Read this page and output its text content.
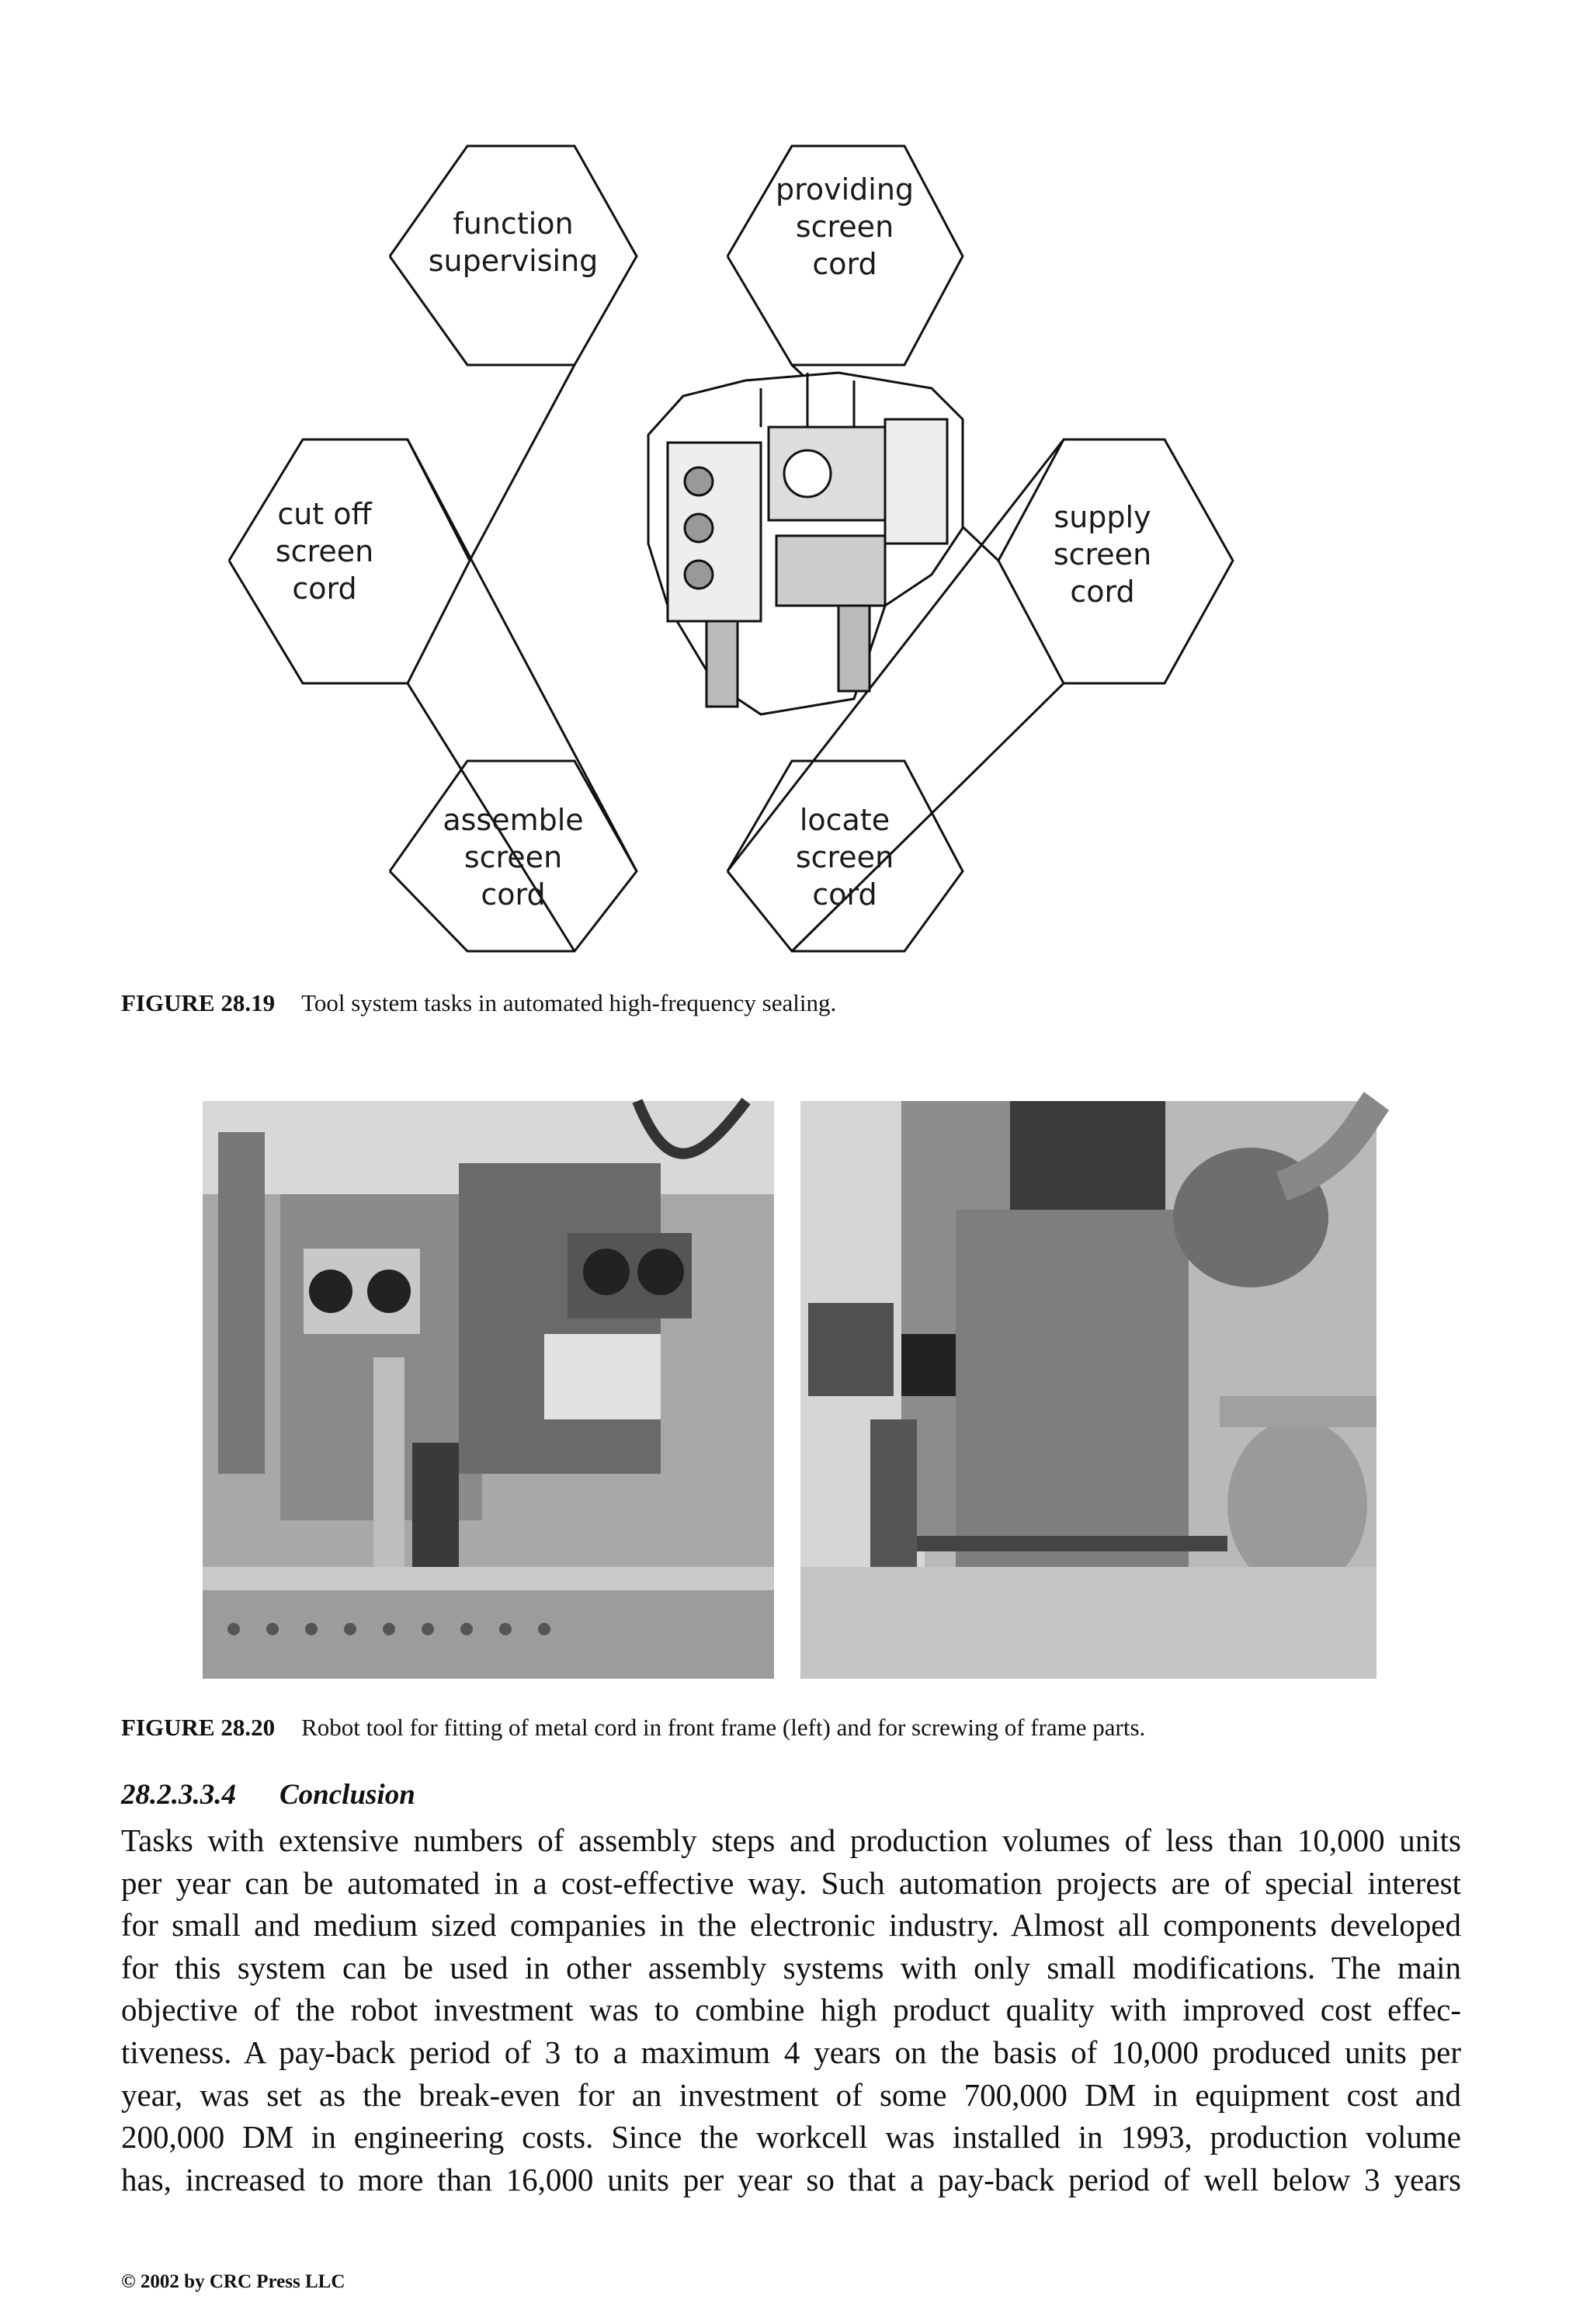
function
supervising
providing
screen
cord
cut off
screen
cord
supply
screen
cord
assemble
screen
cord
locate
screen
cord
FIGURE 28.19 Tool system tasks in automated high-frequency sealing.
FIGURE 28.20 Robot tool for fitting of metal cord in front frame (left) and for screwing of frame parts.
28.2.3.3.4 Conclusion
Tasks with extensive numbers of assembly steps and production volumes of less than 10,000 units
per year can be automated in a cost-effective way. Such automation projects are of special interest
for small and medium sized companies in the electronic industry. Almost all components developed
for this system can be used in other assembly systems with only small modifications. The main
objective of the robot investment was to combine high product quality with improved cost effec-
tiveness. A pay-back period of 3 to a maximum 4 years on the basis of 10,000 produced units per
year, was set as the break-even for an investment of some 700,000 DM in equipment cost and
200,000 DM in engineering costs. Since the workcell was installed in 1993, production volume
has, increased to more than 16,000 units per year so that a pay-back period of well below 3 years
© 2002 by CRC Press LLC
